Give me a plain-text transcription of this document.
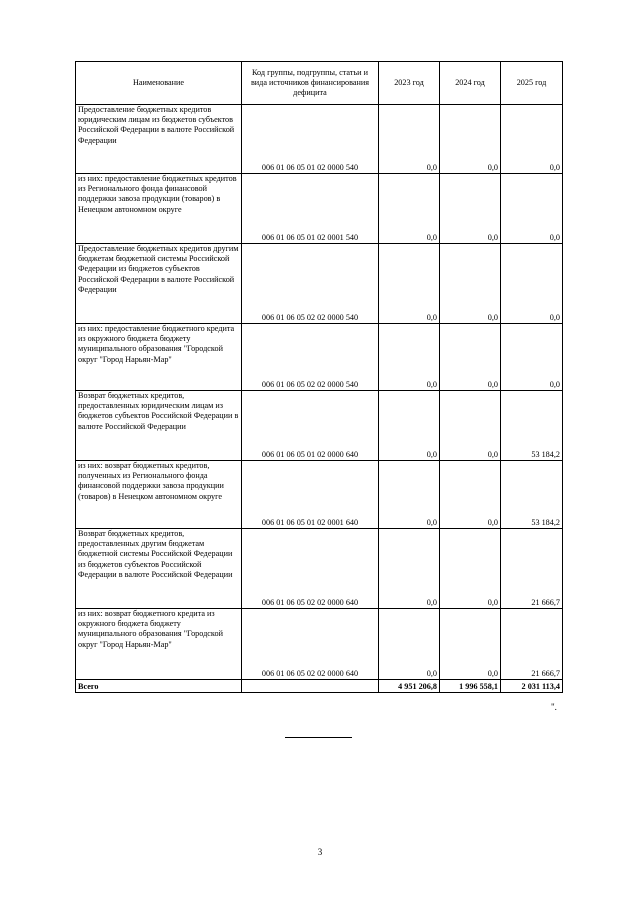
Наименование	Код группы, подгруппы, статьи и вида источников финансирования дефицита	2023 год	2024 год	2025 год
Предоставление бюджетных кредитов юридическим лицам из бюджетов субъектов Российской Федерации в валюте Российской Федерации	006 01 06 05 01 02 0000 540	0,0	0,0	0,0
из них: предоставление бюджетных кредитов из Регионального фонда финансовой поддержки завоза продукции (товаров) в Ненецком автономном округе	006 01 06 05 01 02 0001 540	0,0	0,0	0,0
Предоставление бюджетных кредитов другим бюджетам бюджетной системы Российской Федерации из бюджетов субъектов Российской Федерации в валюте Российской Федерации	006 01 06 05 02 02 0000 540	0,0	0,0	0,0
из них: предоставление бюджетного кредита из окружного бюджета бюджету муниципального образования "Городской округ "Город Нарьян-Мар"	006 01 06 05 02 02 0000 540	0,0	0,0	0,0
Возврат бюджетных кредитов, предоставленных юридическим лицам из бюджетов субъектов Российской Федерации в валюте Российской Федерации	006 01 06 05 01 02 0000 640	0,0	0,0	53 184,2
из них: возврат бюджетных кредитов, полученных из Регионального фонда финансовой поддержки завоза продукции (товаров) в Ненецком автономном округе	006 01 06 05 01 02 0001 640	0,0	0,0	53 184,2
Возврат бюджетных кредитов, предоставленных другим бюджетам бюджетной системы Российской Федерации из бюджетов субъектов Российской Федерации в валюте Российской Федерации	006 01 06 05 02 02 0000 640	0,0	0,0	21 666,7
из них: возврат бюджетного кредита из окружного бюджета бюджету муниципального образования "Городской округ "Город Нарьян-Мар"	006 01 06 05 02 02 0000 640	0,0	0,0	21 666,7
Всего		4 951 206,8	1 996 558,1	2 031 113,4
".
3
